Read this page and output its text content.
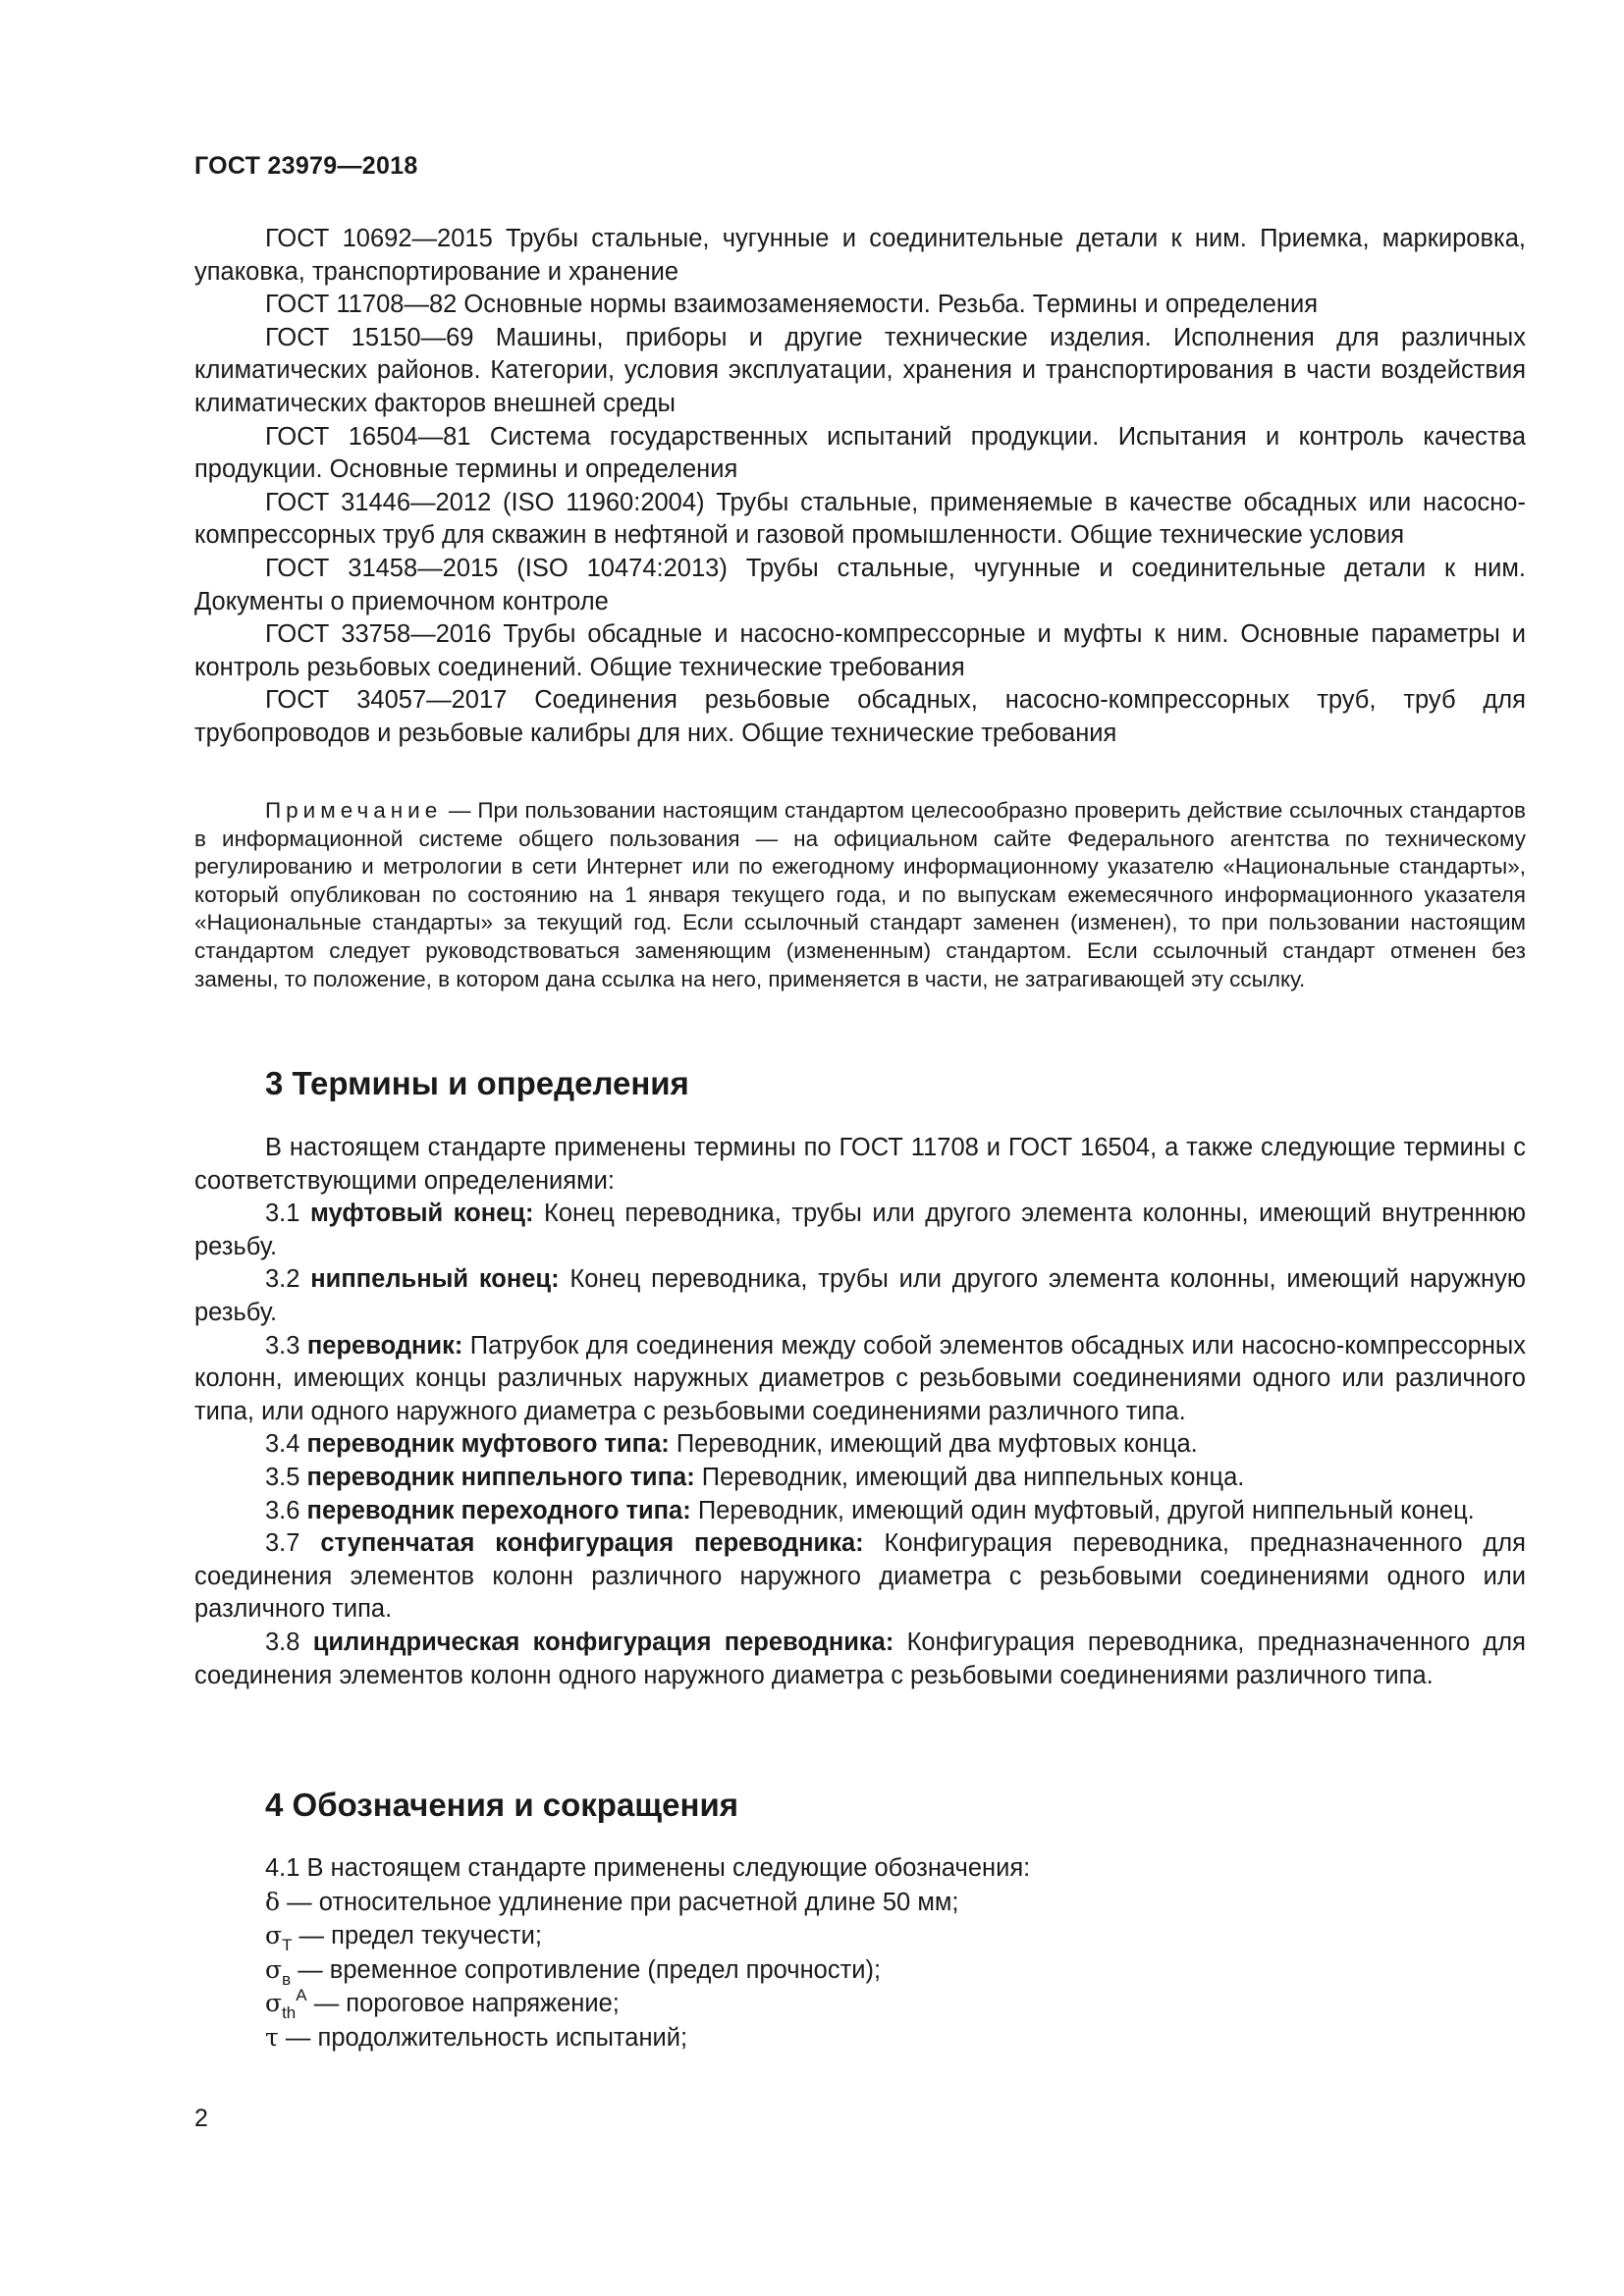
ГОСТ 23979—2018

ГОСТ 10692—2015 Трубы стальные, чугунные и соединительные детали к ним. Приемка, маркировка, упаковка, транспортирование и хранение

ГОСТ 11708—82 Основные нормы взаимозаменяемости. Резьба. Термины и определения

ГОСТ 15150—69 Машины, приборы и другие технические изделия. Исполнения для различных климатических районов. Категории, условия эксплуатации, хранения и транспортирования в части воздействия климатических факторов внешней среды

ГОСТ 16504—81 Система государственных испытаний продукции. Испытания и контроль качества продукции. Основные термины и определения

ГОСТ 31446—2012 (ISO 11960:2004) Трубы стальные, применяемые в качестве обсадных или насосно-компрессорных труб для скважин в нефтяной и газовой промышленности. Общие технические условия

ГОСТ 31458—2015 (ISO 10474:2013) Трубы стальные, чугунные и соединительные детали к ним. Документы о приемочном контроле

ГОСТ 33758—2016 Трубы обсадные и насосно-компрессорные и муфты к ним. Основные параметры и контроль резьбовых соединений. Общие технические требования

ГОСТ 34057—2017 Соединения резьбовые обсадных, насосно-компрессорных труб, труб для трубопроводов и резьбовые калибры для них. Общие технические требования

Примечание — При пользовании настоящим стандартом целесообразно проверить действие ссылочных стандартов в информационной системе общего пользования — на официальном сайте Федерального агентства по техническому регулированию и метрологии в сети Интернет или по ежегодному информационному указателю «Национальные стандарты», который опубликован по состоянию на 1 января текущего года, и по выпускам ежемесячного информационного указателя «Национальные стандарты» за текущий год. Если ссылочный стандарт заменен (изменен), то при пользовании настоящим стандартом следует руководствоваться заменяющим (измененным) стандартом. Если ссылочный стандарт отменен без замены, то положение, в котором дана ссылка на него, применяется в части, не затрагивающей эту ссылку.

3 Термины и определения

В настоящем стандарте применены термины по ГОСТ 11708 и ГОСТ 16504, а также следующие термины с соответствующими определениями:

3.1 муфтовый конец: Конец переводника, трубы или другого элемента колонны, имеющий внутреннюю резьбу.

3.2 ниппельный конец: Конец переводника, трубы или другого элемента колонны, имеющий наружную резьбу.

3.3 переводник: Патрубок для соединения между собой элементов обсадных или насосно-компрессорных колонн, имеющих концы различных наружных диаметров с резьбовыми соединениями одного или различного типа, или одного наружного диаметра с резьбовыми соединениями различного типа.

3.4 переводник муфтового типа: Переводник, имеющий два муфтовых конца.

3.5 переводник ниппельного типа: Переводник, имеющий два ниппельных конца.

3.6 переводник переходного типа: Переводник, имеющий один муфтовый, другой ниппельный конец.

3.7 ступенчатая конфигурация переводника: Конфигурация переводника, предназначенного для соединения элементов колонн различного наружного диаметра с резьбовыми соединениями одного или различного типа.

3.8 цилиндрическая конфигурация переводника: Конфигурация переводника, предназначенного для соединения элементов колонн одного наружного диаметра с резьбовыми соединениями различного типа.

4 Обозначения и сокращения

4.1 В настоящем стандарте применены следующие обозначения:

δ — относительное удлинение при расчетной длине 50 мм;

$\sigma_Т$ — предел текучести;

$\sigma_в$ — временное сопротивление (предел прочности);

$\sigma_{th}^A$ — пороговое напряжение;

τ — продолжительность испытаний;

2
